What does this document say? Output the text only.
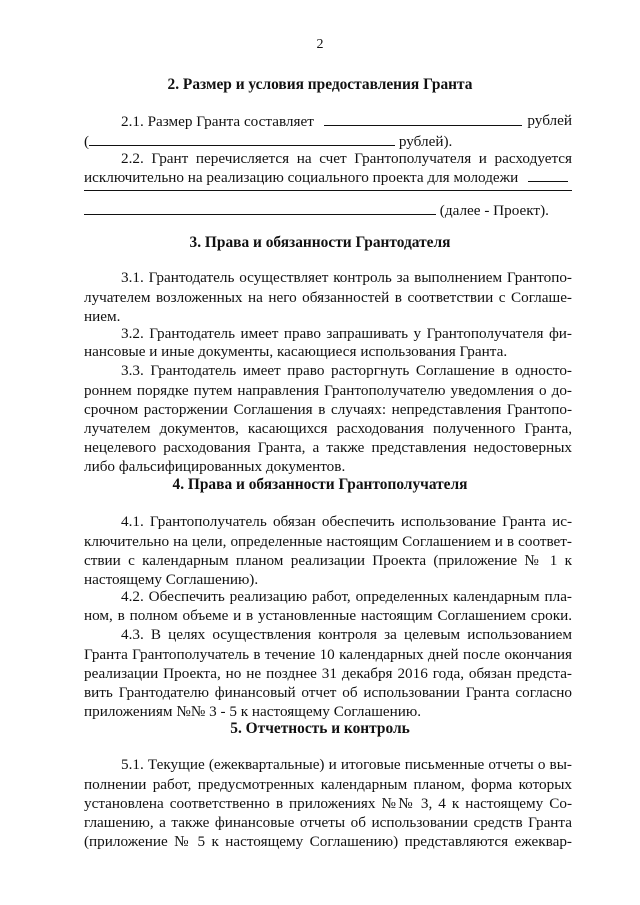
2
2. Размер и условия предоставления Гранта
2.1. Размер Гранта составляет	рублей
(	рублей).
2.2. Грант перечисляется на счет Грантополучателя и расходуется
исключительно на реализацию социального проекта для молодежи
(далее - Проект).
3. Права и обязанности Грантодателя
3.1. Грантодатель осуществляет контроль за выполнением Грантопо-
лучателем возложенных на него обязанностей в соответствии с Соглаше-
нием.
3.2. Грантодатель имеет право запрашивать у Грантополучателя фи-
нансовые и иные документы, касающиеся использования Гранта.
3.3. Грантодатель имеет право расторгнуть Соглашение в односто-
роннем порядке путем направления Грантополучателю уведомления о до-
срочном расторжении Соглашения в случаях: непредставления Грантопо-
лучателем документов, касающихся расходования полученного Гранта,
нецелевого расходования Гранта, а также представления недостоверных
либо фальсифицированных документов.
4. Права и обязанности Грантополучателя
4.1. Грантополучатель обязан обеспечить использование Гранта ис-
ключительно на цели, определенные настоящим Соглашением и в соответ-
ствии с календарным планом реализации Проекта (приложение № 1 к
настоящему Соглашению).
4.2. Обеспечить реализацию работ, определенных календарным пла-
ном, в полном объеме и в установленные настоящим Соглашением сроки.
4.3. В целях осуществления контроля за целевым использованием
Гранта Грантополучатель в течение 10 календарных дней после окончания
реализации Проекта, но не позднее 31 декабря 2016 года, обязан предста-
вить Грантодателю финансовый отчет об использовании Гранта согласно
приложениям №№ 3 - 5 к настоящему Соглашению.
5. Отчетность и контроль
5.1. Текущие (ежеквартальные) и итоговые письменные отчеты о вы-
полнении работ, предусмотренных календарным планом, форма которых
установлена соответственно в приложениях №№ 3, 4 к настоящему Со-
глашению, а также финансовые отчеты об использовании средств Гранта
(приложение № 5 к настоящему Соглашению) представляются ежеквар-
